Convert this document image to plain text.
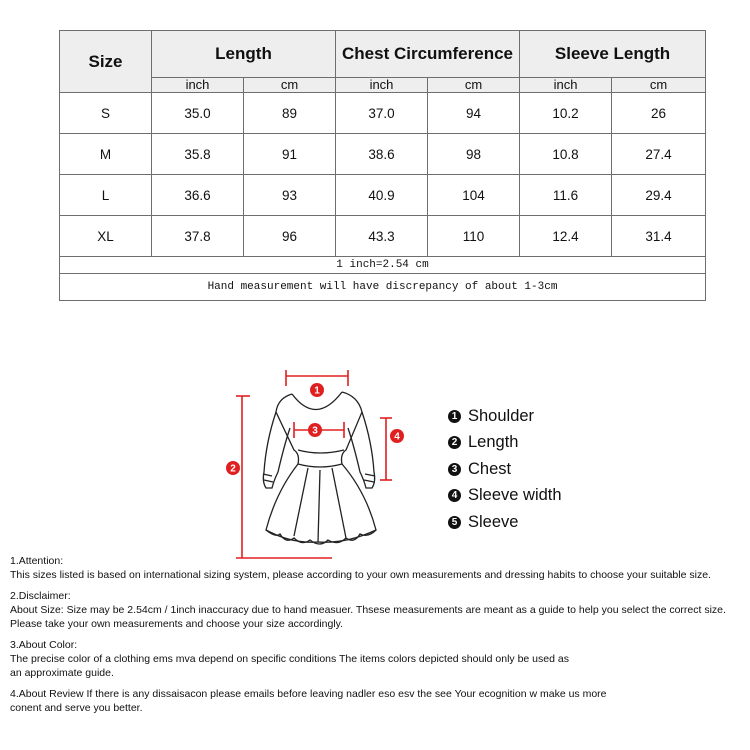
Size	Length		Chest Circumference		Sleeve Length	
	inch	cm	inch	cm	inch	cm
S	35.0	89	37.0	94	10.2	26
M	35.8	91	38.6	98	10.8	27.4
L	36.6	93	40.9	104	11.6	29.4
XL	37.8	96	43.3	110	12.4	31.4
1 inch=2.54 cm						
Hand measurement will have discrepancy of about 1-3cm						
1
2
3
4
1 Shoulder
2 Length
3 Chest
4 Sleeve width
5 Sleeve
1.Attention:
This sizes listed is based on international sizing system, please according to your own measurements and dressing habits to choose your suitable size.
2.Disclaimer:
About Size: Size may be 2.54cm / 1inch inaccuracy due to hand measuer. Thsese measurements are meant as a guide to help you select the correct size.
Please take your own measurements and choose your size accordingly.
3.About Color:
The precise color of a clothing ems mva depend on specific conditions The items colors depicted should only be used as
an approximate guide.
4.About Review If there is any dissaisacon please emails before leaving nadler eso esv the see Your ecognition w make us more
conent and serve you better.
